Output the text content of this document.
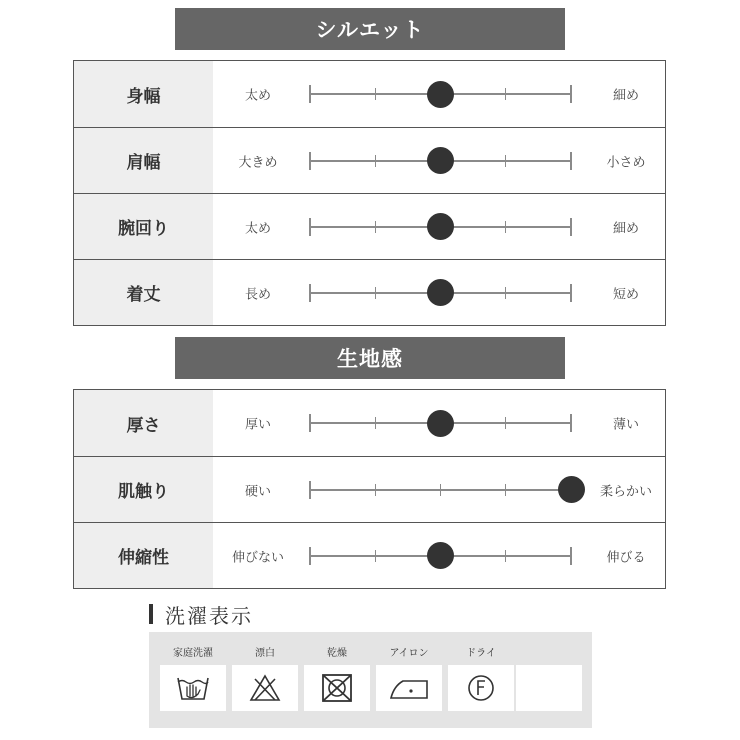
シルエット
身幅	太め	細め
肩幅	大きめ	小さめ
腕回り	太め	細め
着丈	長め	短め
生地感
厚さ	厚い	薄い
肌触り	硬い	柔らかい
伸縮性	伸びない	伸びる
洗濯表示
家庭洗濯	漂白	乾燥	アイロン	ドライ
